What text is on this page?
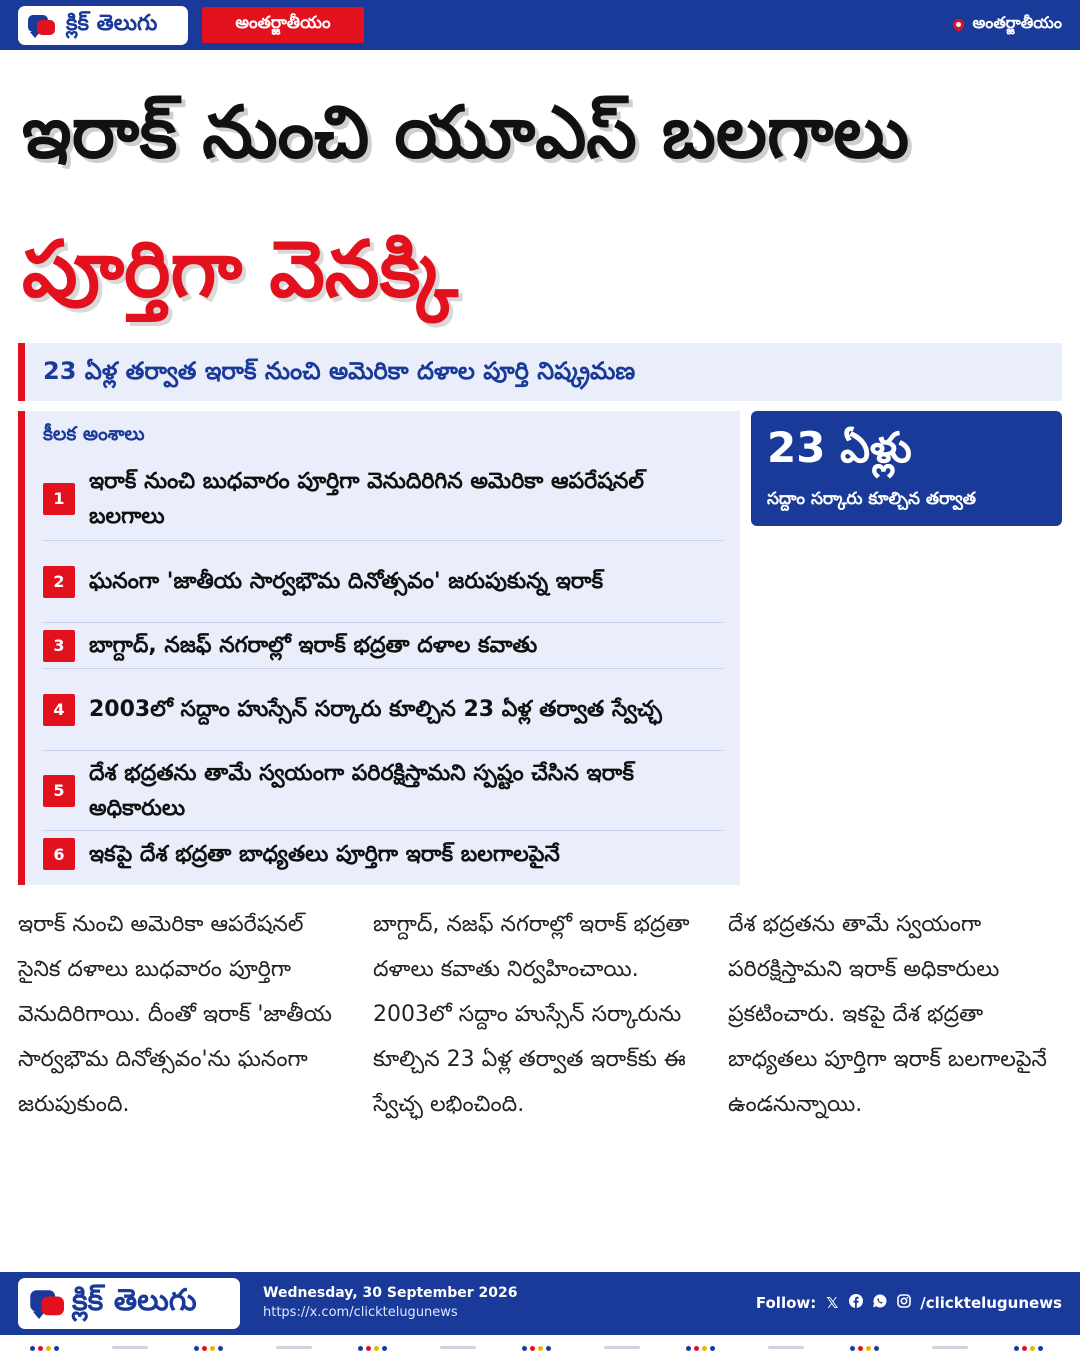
క్లిక్ తెలుగు	అంతర్జాతీయం	అంతర్జాతీయం
ఇరాక్ నుంచి యూఎస్ బలగాలు
పూర్తిగా వెనక్కి
23 ఏళ్ల తర్వాత ఇరాక్ నుంచి అమెరికా దళాల పూర్తి నిష్క్రమణ
కీలక అంశాలు
1
ఇరాక్ నుంచి బుధవారం పూర్తిగా వెనుదిరిగిన అమెరికా ఆపరేషనల్ బలగాలు
2	ఘనంగా 'జాతీయ సార్వభౌమ దినోత్సవం' జరుపుకున్న ఇరాక్
3	బాగ్దాద్, నజఫ్ నగరాల్లో ఇరాక్ భద్రతా దళాల కవాతు
4	2003లో సద్దాం హుస్సేన్ సర్కారు కూల్చిన 23 ఏళ్ల తర్వాత స్వేచ్ఛ
5
దేశ భద్రతను తామే స్వయంగా పరిరక్షిస్తామని స్పష్టం చేసిన ఇరాక్ అధికారులు
6	ఇకపై దేశ భద్రతా బాధ్యతలు పూర్తిగా ఇరాక్ బలగాలపైనే
23 ఏళ్లు
సద్దాం సర్కారు కూల్చిన తర్వాత
ఇరాక్ నుంచి అమెరికా ఆపరేషనల్ సైనిక దళాలు బుధవారం పూర్తిగా వెనుదిరిగాయి. దీంతో ఇరాక్ 'జాతీయ సార్వభౌమ దినోత్సవం'ను ఘనంగా జరుపుకుంది.
బాగ్దాద్, నజఫ్ నగరాల్లో ఇరాక్ భద్రతా దళాలు కవాతు నిర్వహించాయి. 2003లో సద్దాం హుస్సేన్ సర్కారును కూల్చిన 23 ఏళ్ల తర్వాత ఇరాక్‌కు ఈ స్వేచ్ఛ లభించింది.
దేశ భద్రతను తామే స్వయంగా పరిరక్షిస్తామని ఇరాక్ అధికారులు ప్రకటించారు. ఇకపై దేశ భద్రతా బాధ్యతలు పూర్తిగా ఇరాక్ బలగాలపైనే ఉండనున్నాయి.
క్లిక్ తెలుగు	Wednesday, 30 September 2026
https://x.com/clicktelugunews
Follow: 𝕏	/clicktelugunews
